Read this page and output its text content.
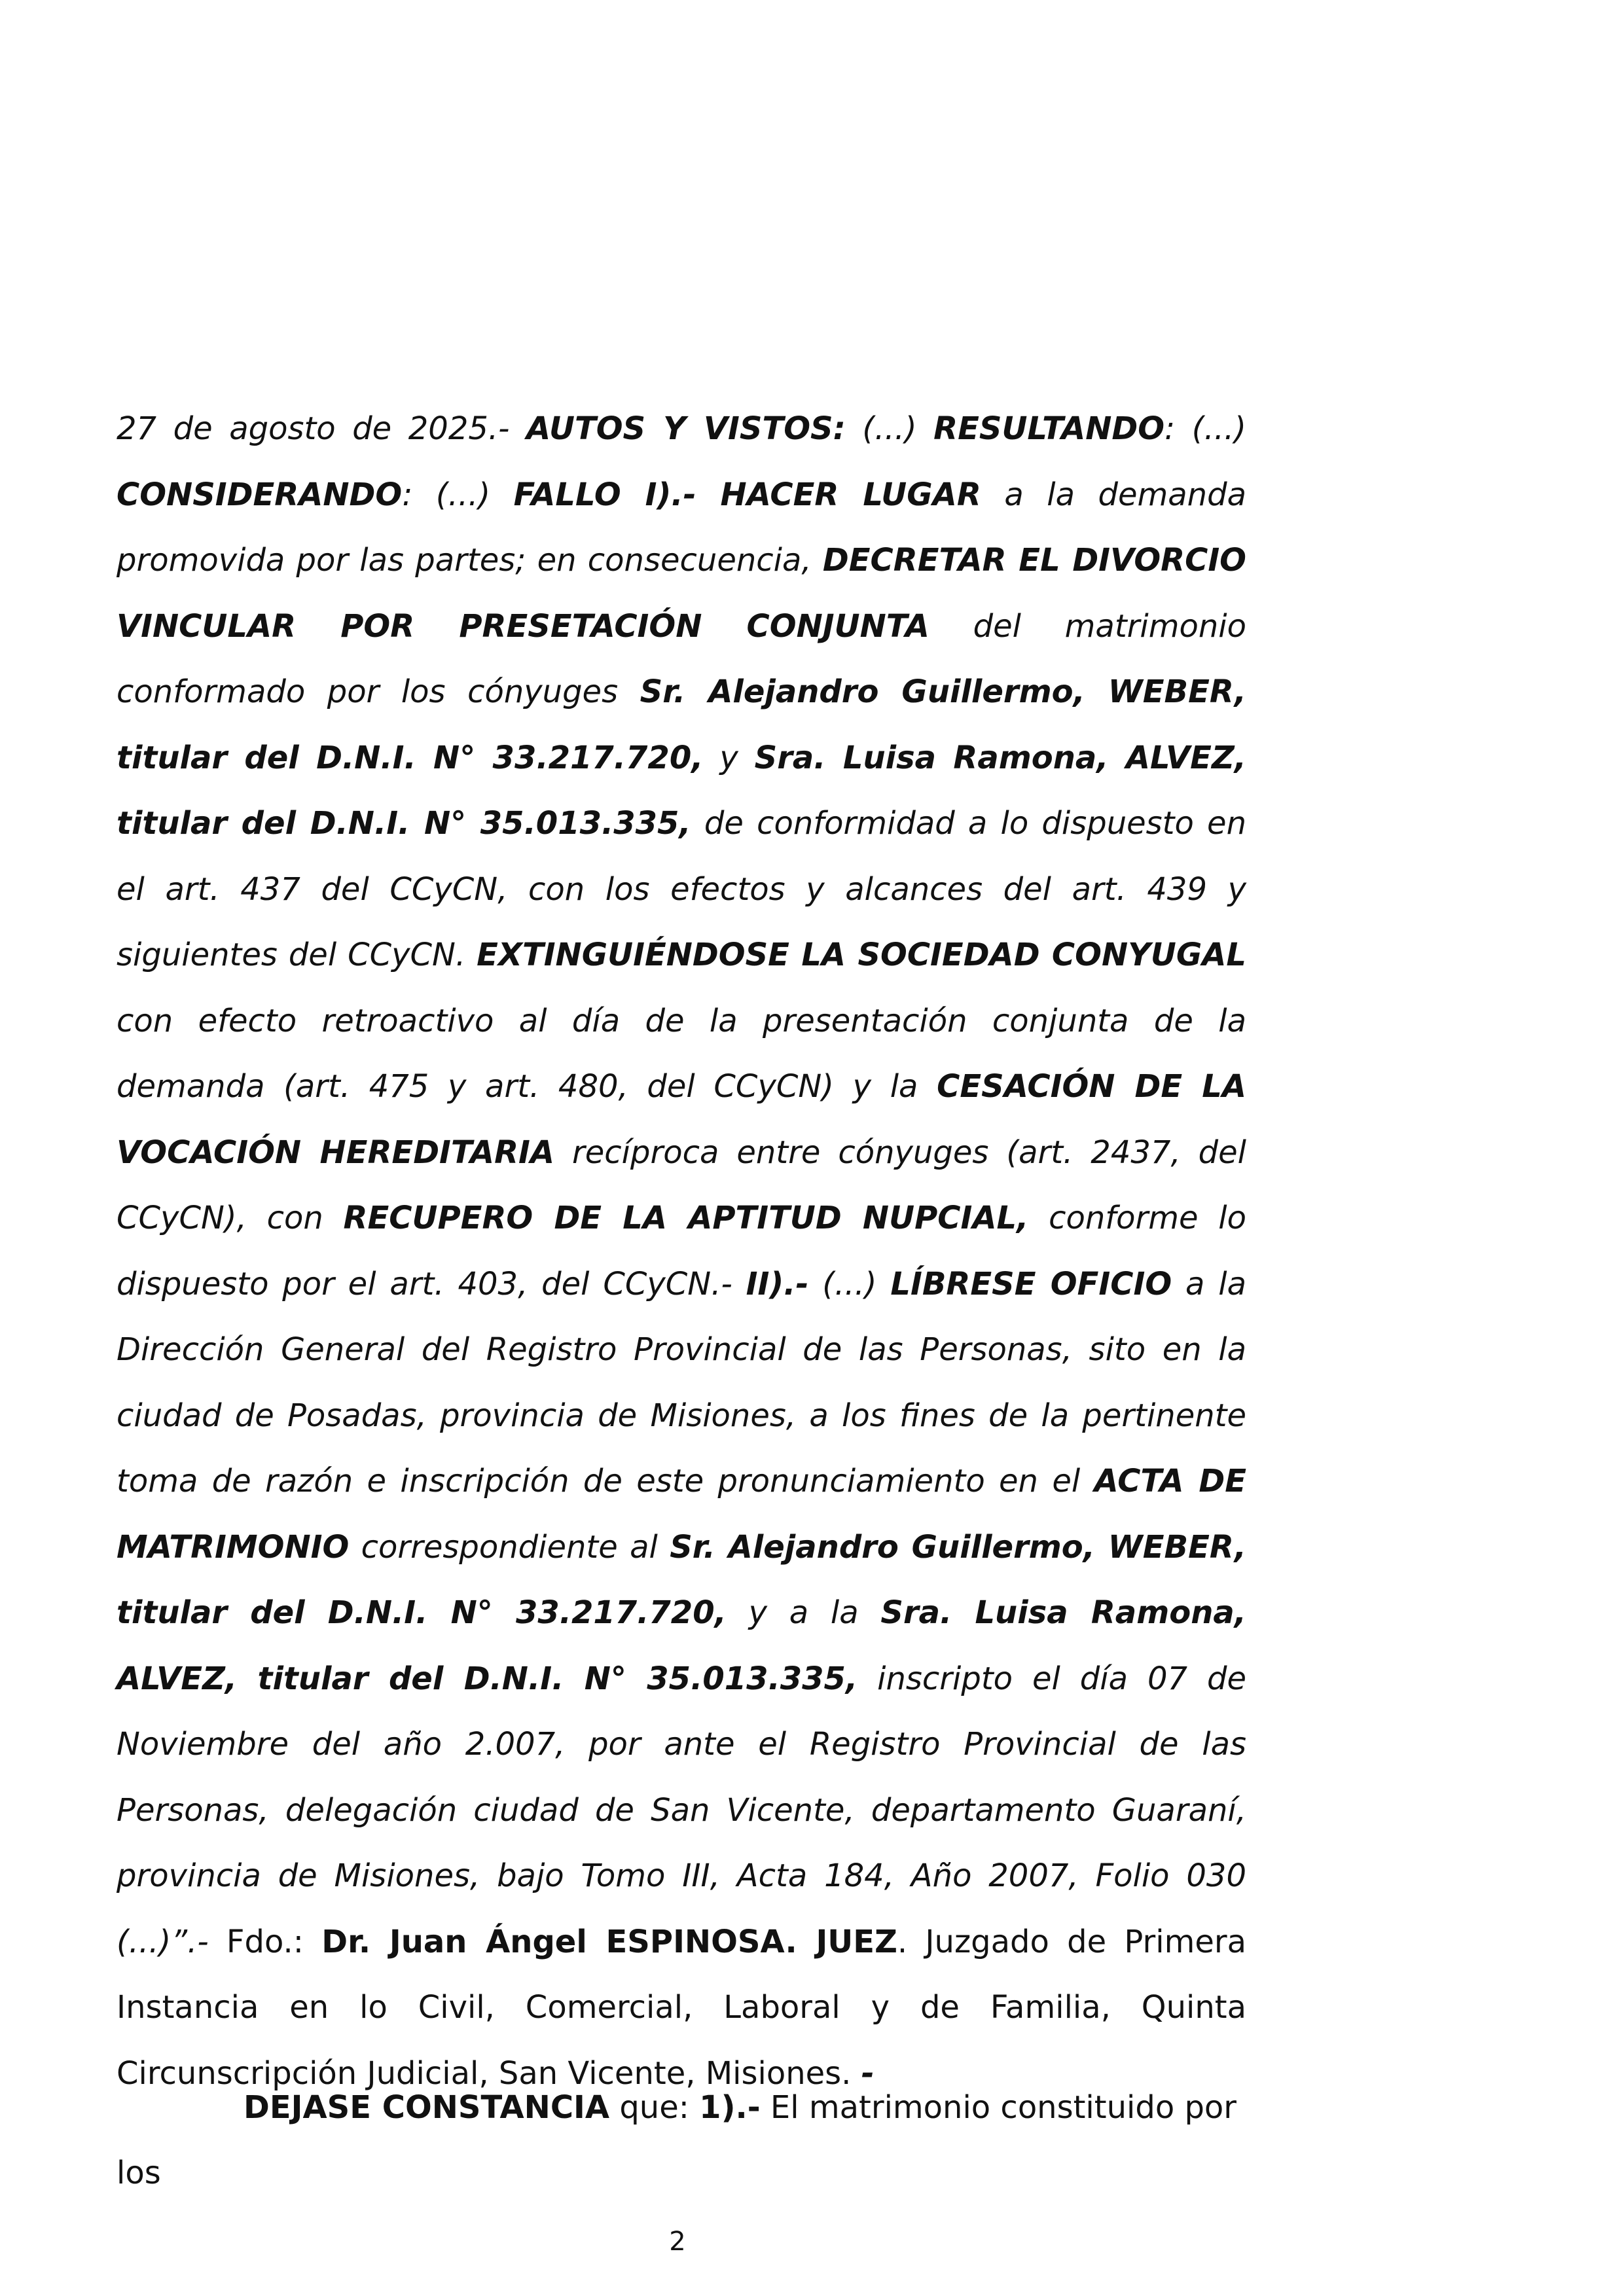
27 de agosto de 2025.- AUTOS Y VISTOS: (...) RESULTANDO: (...) CONSIDERANDO: (...) FALLO I).- HACER LUGAR a la demanda promovida por las partes; en consecuencia, DECRETAR EL DIVORCIO VINCULAR POR PRESETACIÓN CONJUNTA del matrimonio conformado por los cónyuges Sr. Alejandro Guillermo, WEBER, titular del D.N.I. N° 33.217.720, y Sra. Luisa Ramona, ALVEZ, titular del D.N.I. N° 35.013.335, de conformidad a lo dispuesto en el art. 437 del CCyCN, con los efectos y alcances del art. 439 y siguientes del CCyCN. EXTINGUIÉNDOSE LA SOCIEDAD CONYUGAL con efecto retroactivo al día de la presentación conjunta de la demanda (art. 475 y art. 480, del CCyCN) y la CESACIÓN DE LA VOCACIÓN HEREDITARIA recíproca entre cónyuges (art. 2437, del CCyCN), con RECUPERO DE LA APTITUD NUPCIAL, conforme lo dispuesto por el art. 403, del CCyCN.- II).- (...) LÍBRESE OFICIO a la Dirección General del Registro Provincial de las Personas, sito en la ciudad de Posadas, provincia de Misiones, a los fines de la pertinente toma de razón e inscripción de este pronunciamiento en el ACTA DE MATRIMONIO correspondiente al Sr. Alejandro Guillermo, WEBER, titular del D.N.I. N° 33.217.720, y a la Sra. Luisa Ramona, ALVEZ, titular del D.N.I. N° 35.013.335, inscripto el día 07 de Noviembre del año 2.007, por ante el Registro Provincial de las Personas, delegación ciudad de San Vicente, departamento Guaraní, provincia de Misiones, bajo Tomo III, Acta 184, Año 2007, Folio 030 (...)”.- Fdo.: Dr. Juan Ángel ESPINOSA. JUEZ. Juzgado de Primera Instancia en lo Civil, Comercial, Laboral y de Familia, Quinta Circunscripción Judicial, San Vicente, Misiones. -

DEJASE CONSTANCIA que: 1).- El matrimonio constituido por los

2
